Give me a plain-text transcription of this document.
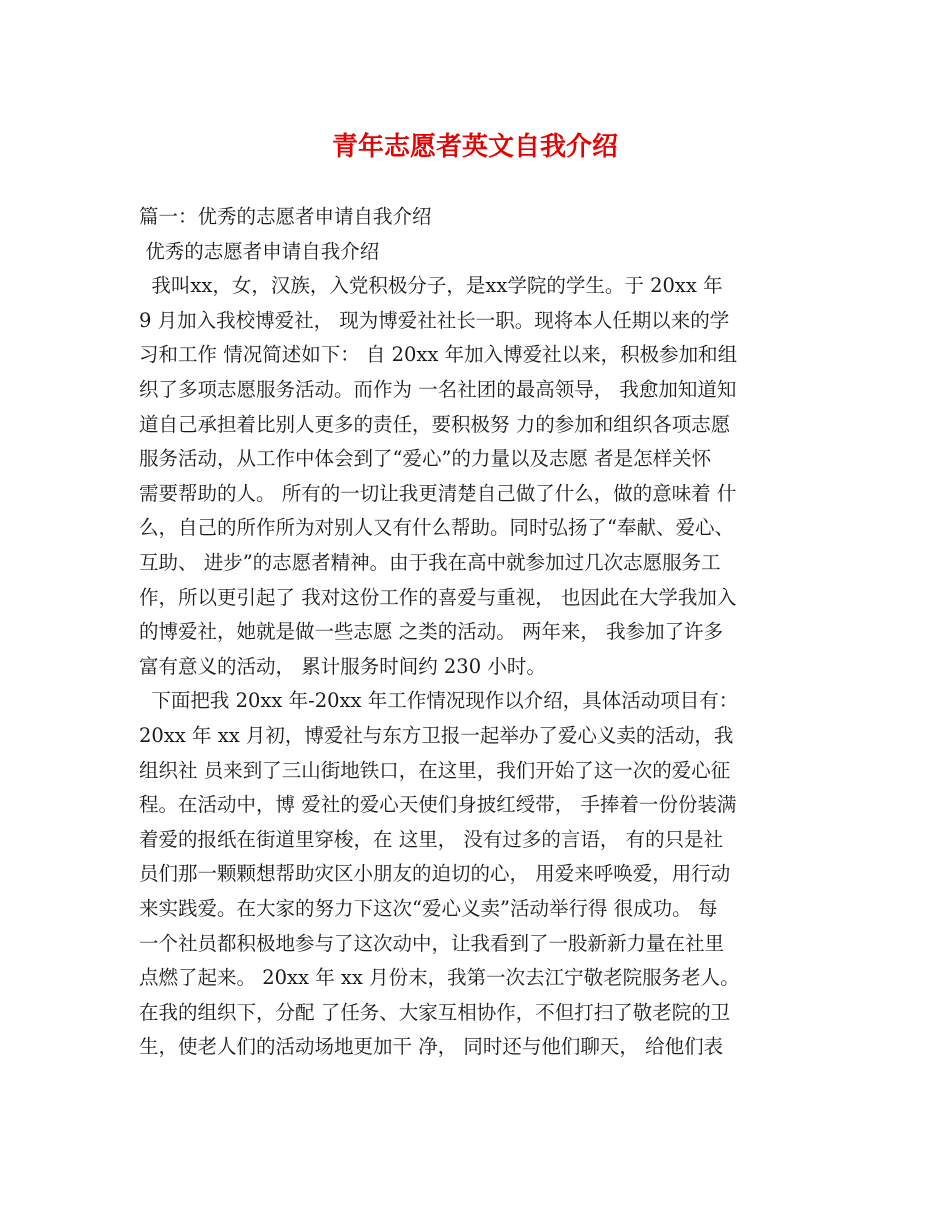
青年志愿者英文自我介绍
篇一：优秀的志愿者申请自我介绍
优秀的志愿者申请自我介绍
我叫xx，女，汉族，入党积极分子，是xx学院的学生。于 20xx 年
9 月加入我校博爱社， 现为博爱社社长一职。现将本人任期以来的学
习和工作 情况简述如下： 自 20xx 年加入博爱社以来，积极参加和组
织了多项志愿服务活动。而作为 一名社团的最高领导， 我愈加知道知
道自己承担着比别人更多的责任，要积极努 力的参加和组织各项志愿
服务活动，从工作中体会到了“爱心”的力量以及志愿 者是怎样关怀
需要帮助的人。 所有的一切让我更清楚自己做了什么，做的意味着 什
么，自己的所作所为对别人又有什么帮助。同时弘扬了“奉献、爱心、
互助、 进步”的志愿者精神。由于我在高中就参加过几次志愿服务工
作，所以更引起了 我对这份工作的喜爱与重视， 也因此在大学我加入
的博爱社，她就是做一些志愿 之类的活动。 两年来， 我参加了许多
富有意义的活动， 累计服务时间约 230 小时。
下面把我 20xx 年-20xx 年工作情况现作以介绍，具体活动项目有：
20xx 年 xx 月初，博爱社与东方卫报一起举办了爱心义卖的活动，我
组织社 员来到了三山街地铁口，在这里，我们开始了这一次的爱心征
程。在活动中，博 爱社的爱心天使们身披红绶带， 手捧着一份份装满
着爱的报纸在街道里穿梭，在 这里， 没有过多的言语， 有的只是社
员们那一颗颗想帮助灾区小朋友的迫切的心， 用爱来呼唤爱，用行动
来实践爱。在大家的努力下这次“爱心义卖”活动举行得 很成功。 每
一个社员都积极地参与了这次动中，让我看到了一股新新力量在社里
点燃了起来。 20xx 年 xx 月份末，我第一次去江宁敬老院服务老人。
在我的组织下，分配 了任务、大家互相协作，不但打扫了敬老院的卫
生，使老人们的活动场地更加干 净， 同时还与他们聊天， 给他们表
